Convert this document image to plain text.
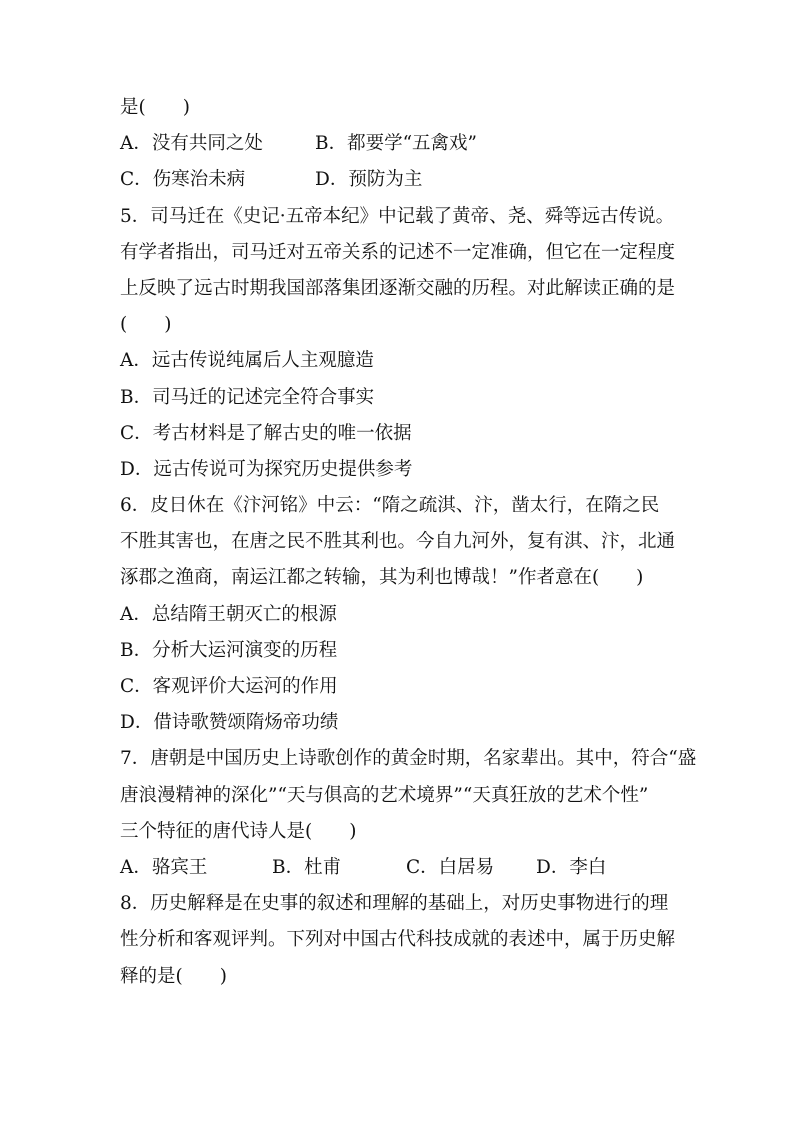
是(　　)
A．没有共同之处	B．都要学“五禽戏”
C．伤寒治未病	D．预防为主
5．司马迁在《史记·五帝本纪》中记载了黄帝、尧、舜等远古传说。
有学者指出，司马迁对五帝关系的记述不一定准确，但它在一定程度
上反映了远古时期我国部落集团逐渐交融的历程。对此解读正确的是
(　　)
A．远古传说纯属后人主观臆造
B．司马迁的记述完全符合事实
C．考古材料是了解古史的唯一依据
D．远古传说可为探究历史提供参考
6．皮日休在《汴河铭》中云：“隋之疏淇、汴，凿太行，在隋之民
不胜其害也，在唐之民不胜其利也。今自九河外，复有淇、汴，北通
涿郡之渔商，南运江都之转输，其为利也博哉！”作者意在(　　)
A．总结隋王朝灭亡的根源
B．分析大运河演变的历程
C．客观评价大运河的作用
D．借诗歌赞颂隋炀帝功绩
7．唐朝是中国历史上诗歌创作的黄金时期，名家辈出。其中，符合“盛
唐浪漫精神的深化”“天与俱高的艺术境界”“天真狂放的艺术个性”
三个特征的唐代诗人是(　　)
A．骆宾王	B．杜甫	C．白居易	D．李白
8．历史解释是在史事的叙述和理解的基础上，对历史事物进行的理
性分析和客观评判。下列对中国古代科技成就的表述中，属于历史解
释的是(　　)
